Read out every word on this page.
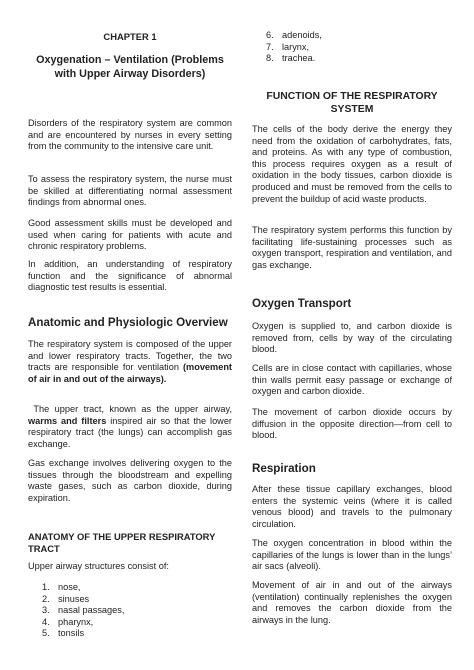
CHAPTER 1
Oxygenation – Ventilation (Problems with Upper Airway Disorders)

Disorders of the respiratory system are common and are encountered by nurses in every setting from the community to the intensive care unit.

To assess the respiratory system, the nurse must be skilled at differentiating normal assessment findings from abnormal ones.

Good assessment skills must be developed and used when caring for patients with acute and chronic respiratory problems.

In addition, an understanding of respiratory function and the significance of abnormal diagnostic test results is essential.

Anatomic and Physiologic Overview

The respiratory system is composed of the upper and lower respiratory tracts. Together, the two tracts are responsible for ventilation (movement of air in and out of the airways).

The upper tract, known as the upper airway, warms and filters inspired air so that the lower respiratory tract (the lungs) can accomplish gas exchange.

Gas exchange involves delivering oxygen to the tissues through the bloodstream and expelling waste gases, such as carbon dioxide, during expiration.

ANATOMY OF THE UPPER RESPIRATORY TRACT

Upper airway structures consist of:

1. nose,
2. sinuses
3. nasal passages,
4. pharynx,
5. tonsils
6. adenoids,
7. larynx,
8. trachea.
FUNCTION OF THE RESPIRATORY SYSTEM

The cells of the body derive the energy they need from the oxidation of carbohydrates, fats, and proteins. As with any type of combustion, this process requires oxygen as a result of oxidation in the body tissues, carbon dioxide is produced and must be removed from the cells to prevent the buildup of acid waste products.

The respiratory system performs this function by facilitating life-sustaining processes such as oxygen transport, respiration and ventilation, and gas exchange.

Oxygen Transport

Oxygen is supplied to, and carbon dioxide is removed from, cells by way of the circulating blood.

Cells are in close contact with capillaries, whose thin walls permit easy passage or exchange of oxygen and carbon dioxide.

The movement of carbon dioxide occurs by diffusion in the opposite direction—from cell to blood.

Respiration

After these tissue capillary exchanges, blood enters the systemic veins (where it is called venous blood) and travels to the pulmonary circulation.

The oxygen concentration in blood within the capillaries of the lungs is lower than in the lungs’ air sacs (alveoli).

Movement of air in and out of the airways (ventilation) continually replenishes the oxygen and removes the carbon dioxide from the airways in the lung.
